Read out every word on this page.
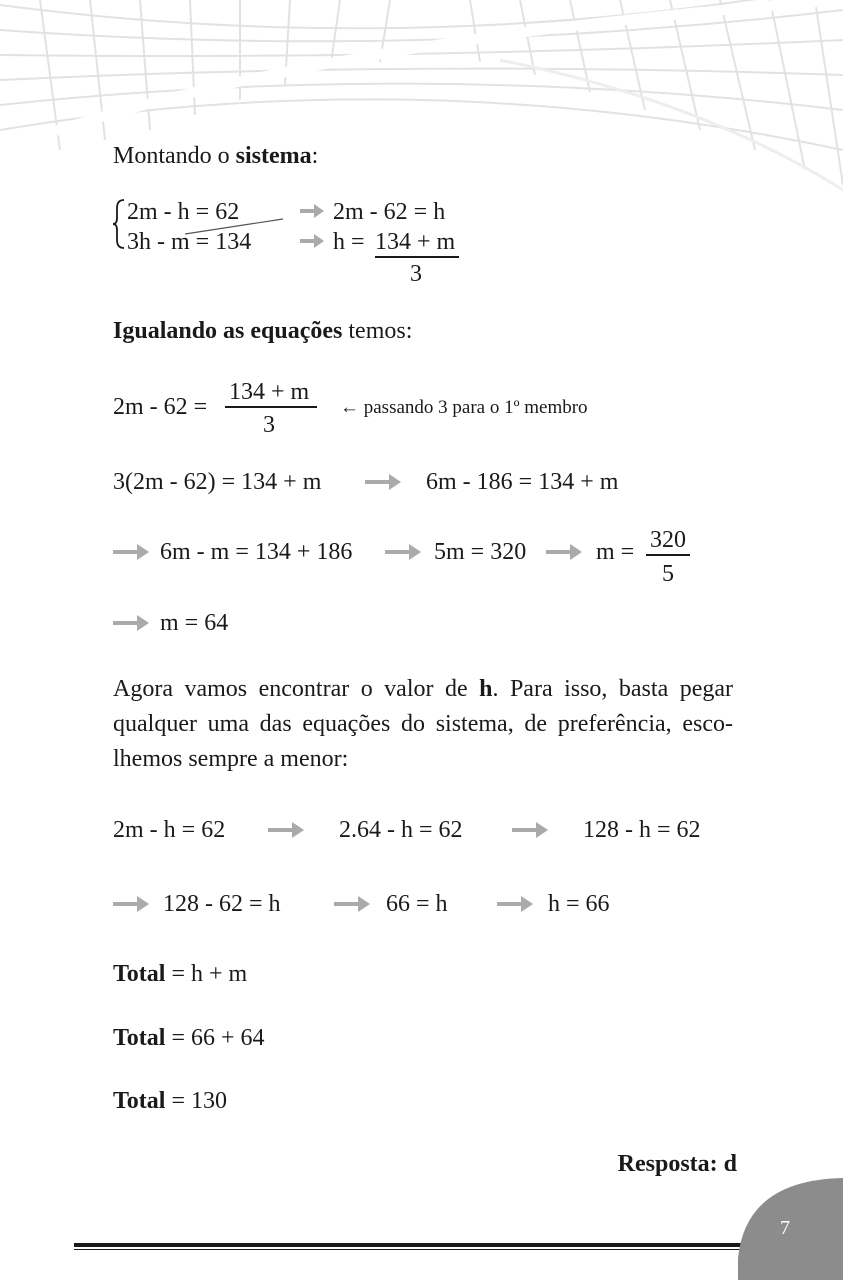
Montando o sistema:
2m - h = 62
3h - m = 134
2m - 62 = h
h = 134 + m
3
Igualando as equações temos:
2m - 62 =
134 + m
3
← passando 3 para o 1º membro
3(2m - 62) = 134 + m	6m - 186 = 134 + m
6m - m = 134 + 186	5m = 320	m = 320
5
m = 64
Agora vamos encontrar o valor de h. Para isso, basta pegar
qualquer uma das equações do sistema, de preferência, esco-
lhemos sempre a menor:
2m - h = 62	2.64 - h = 62	128 - h = 62
128 - 62 = h	66 = h	h = 66
Total = h + m
Total = 66 + 64
Total = 130
Resposta: d
7
